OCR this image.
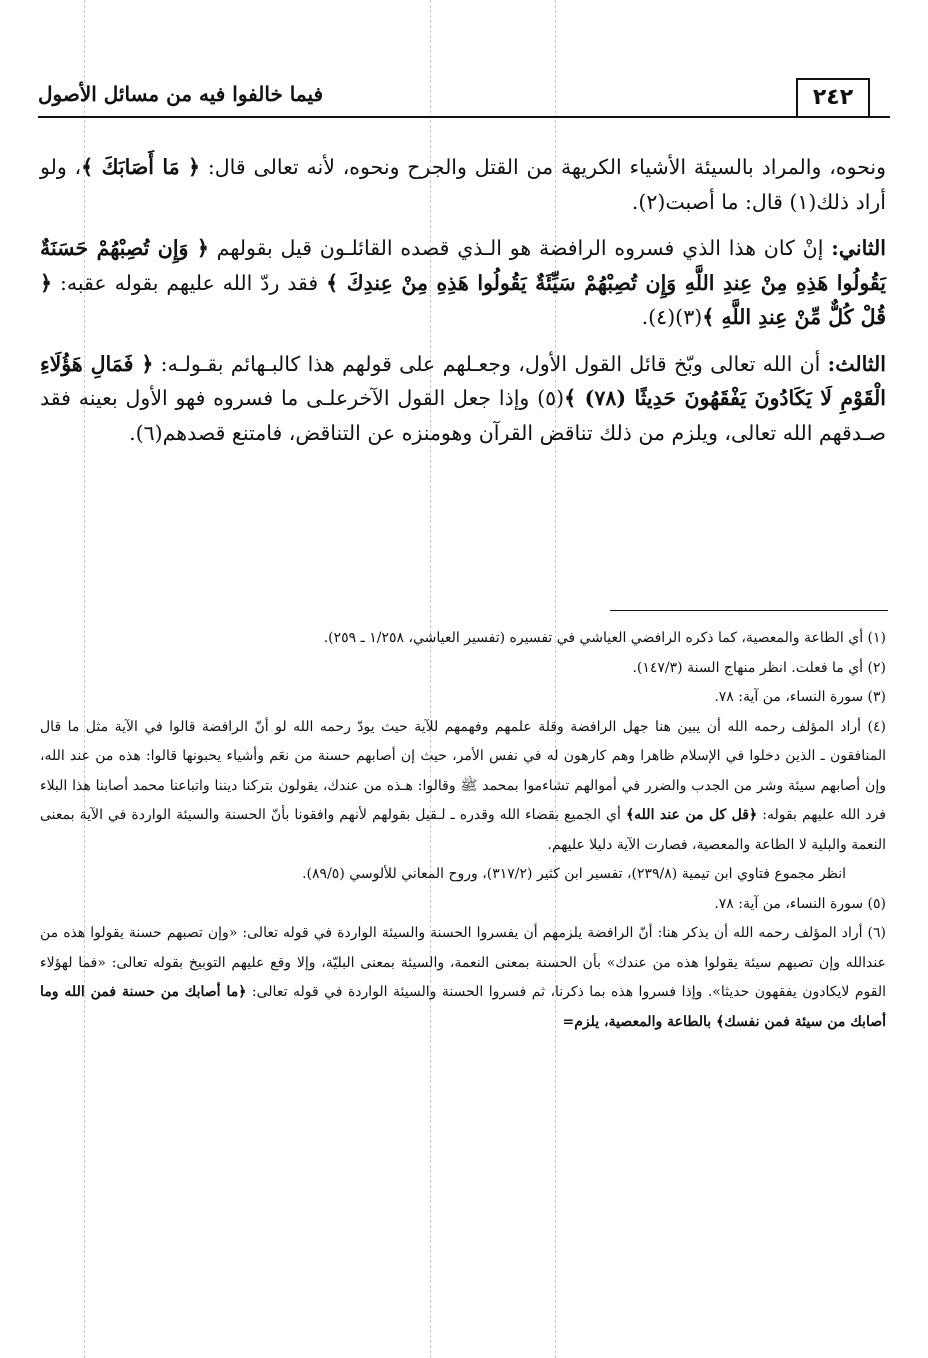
٢٤٢
فيما خالفوا فيه من مسائل الأصول

ونحوه، والمراد بالسيئة الأشياء الكريهة من القتل والجرح ونحوه، لأنه تعالى قال: ﴿ مَا أَصَابَكَ ﴾، ولو أراد ذلك(١) قال: ما أصبت(٢).

الثاني: إنْ كان هذا الذي فسروه الرافضة هو الـذي قصده القائلـون قيل بقولهم ﴿ وَإِن تُصِبْهُمْ حَسَنَةٌ يَقُولُوا هَذِهِ مِنْ عِندِ اللَّهِ وَإِن تُصِبْهُمْ سَيِّئَةٌ يَقُولُوا هَذِهِ مِنْ عِندِكَ ﴾ فقد ردّ الله عليهم بقوله عقبه: ﴿ قُلْ كُلٌّ مِّنْ عِندِ اللَّهِ ﴾(٣)(٤).

الثالث: أن الله تعالى وبّخ قائل القول الأول، وجعـلهم على قولهم هذا كالبـهائم بقـولـه: ﴿ فَمَالِ هَؤُلَاءِ الْقَوْمِ لَا يَكَادُونَ يَفْقَهُونَ حَدِيثًا (٧٨) ﴾(٥) وإذا جعل القول الآخرعلـى ما فسروه فهو الأول بعينه فقد صـدقهم الله تعالى، ويلزم من ذلك تناقض القرآن وهومنزه عن التناقض، فامتنع قصدهم(٦).

(١) أي الطاعة والمعصية، كما ذكره الرافضي العياشي في تفسيره (تفسير العياشي، ١/٢٥٨ ـ ٢٥٩).

(٢) أي ما فعلت. انظر منهاج السنة (١٤٧/٣).

(٣) سورة النساء، من آية: ٧٨.

(٤) أراد المؤلف رحمه الله أن يبين هنا جهل الرافضة وقلة علمهم وفهمهم للآية حيث يودّ رحمه الله لو أنّ الرافضة قالوا في الآية مثل ما قال المنافقون ـ الذين دخلوا في الإسلام ظاهرا وهم كارهون له في نفس الأمر، حيث إن أصابهم حسنة من نعَم وأشياء يحبونها قالوا: هذه من عند الله، وإن أصابهم سيئة وشر من الجدب والضرر في أموالهم تشاءموا بمحمد ﷺ وقالوا: هـذه من عندك، يقولون بتركنا ديننا واتباعنا محمد أصابنا هذا البلاء فرد الله عليهم بقوله: ﴿قل كل من عند الله﴾ أي الجميع بقضاء الله وقدره ـ لـقيل بقولهم لأنهم وافقونا بأنّ الحسنة والسيئة الواردة في الآية بمعنى النعمة والبلية لا الطاعة والمعصية، فصارت الآية دليلا عليهم.

انظر مجموع فتاوي ابن تيمية (٢٣٩/٨)، تفسير ابن كثير (٣١٧/٢)، وروح المعاني للألوسي (٨٩/٥).

(٥) سورة النساء، من آية: ٧٨.

(٦) أراد المؤلف رحمه الله أن يذكر هنا: أنّ الرافضة يلزمهم أن يفسروا الحسنة والسيئة الواردة في قوله تعالى: «وإن تصبهم حسنة يقولوا هذه من عندالله وإن تصبهم سيئة يقولوا هذه من عندك» بأن الحسنة بمعنى النعمة، والسيئة بمعنى البليّة، وإلا وقع عليهم التوبيخ بقوله تعالى: «فما لهؤلاء القوم لايكادون يفقهون حديثا». وإذا فسروا هذه بما ذكرنا، ثم فسروا الحسنة والسيئة الواردة في قوله تعالى: ﴿ما أصابك من حسنة فمن الله وما أصابك من سيئة فمن نفسك﴾ بالطاعة والمعصية، يلزم=
